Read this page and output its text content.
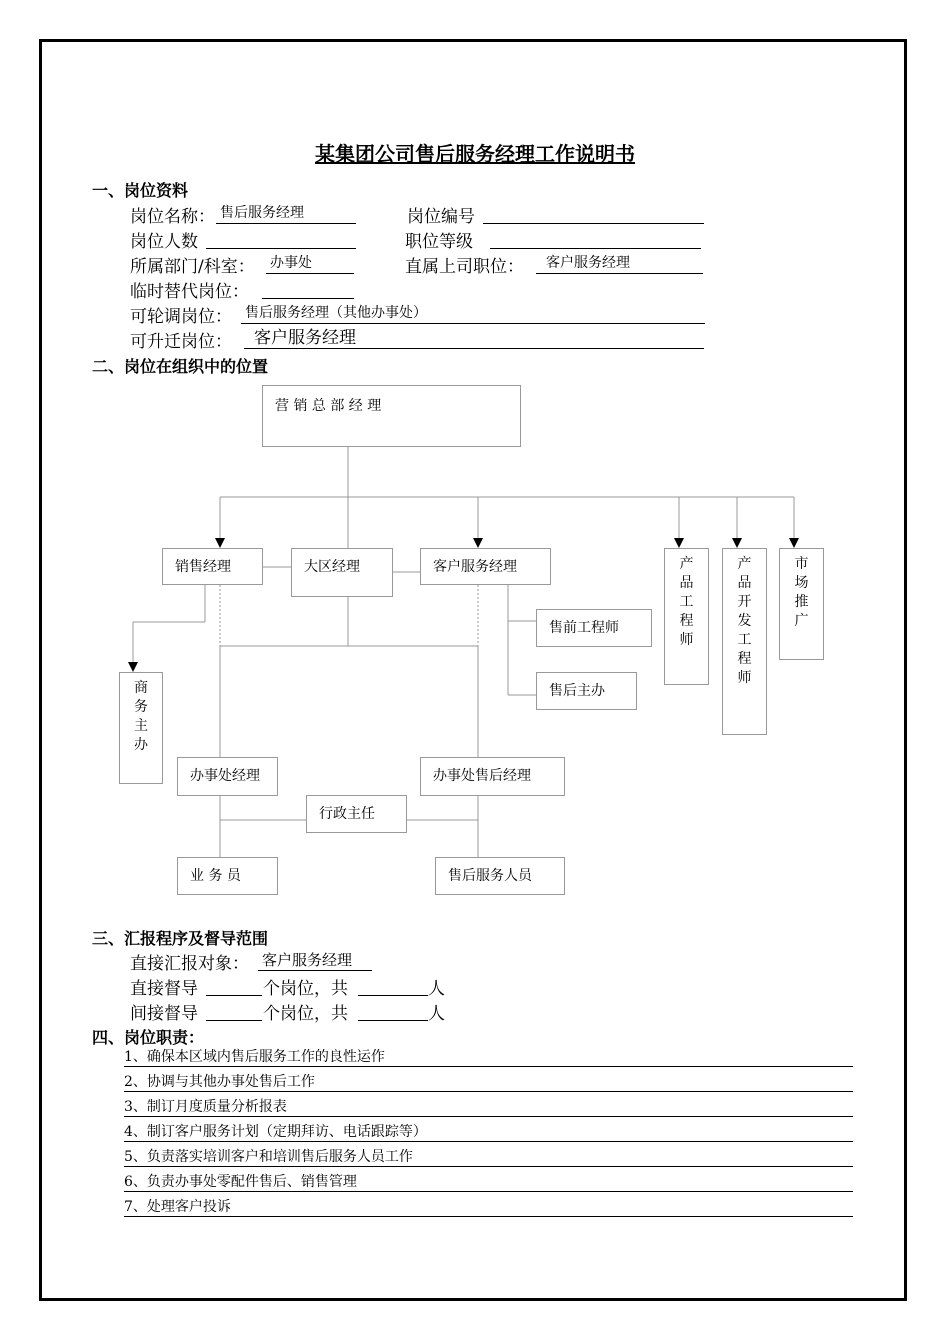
某集团公司售后服务经理工作说明书
一、岗位资料
岗位名称： 售后服务经理	岗位编号
岗位人数	职位等级
所属部门/科室： 办事处	直属上司职位：	客户服务经理
临时替代岗位：
可轮调岗位： 售后服务经理（其他办事处）
可升迁岗位：	客户服务经理
二、岗位在组织中的位置
营 销 总 部 经 理
销售经理	大区经理	客户服务经理	产品工程师
产品开发工程师
市场推广
售前工程师
售后主办
商务主办
办事处经理	办事处售后经理
行政主任
业 务 员	售后服务人员
三、汇报程序及督导范围
直接汇报对象： 客户服务经理
直接督导	个岗位，共	人
间接督导	个岗位，共	人
四、岗位职责：
1、确保本区域内售后服务工作的良性运作
2、协调与其他办事处售后工作
3、制订月度质量分析报表
4、制订客户服务计划（定期拜访、电话跟踪等）
5、负责落实培训客户和培训售后服务人员工作
6、负责办事处零配件售后、销售管理
7、处理客户投诉
